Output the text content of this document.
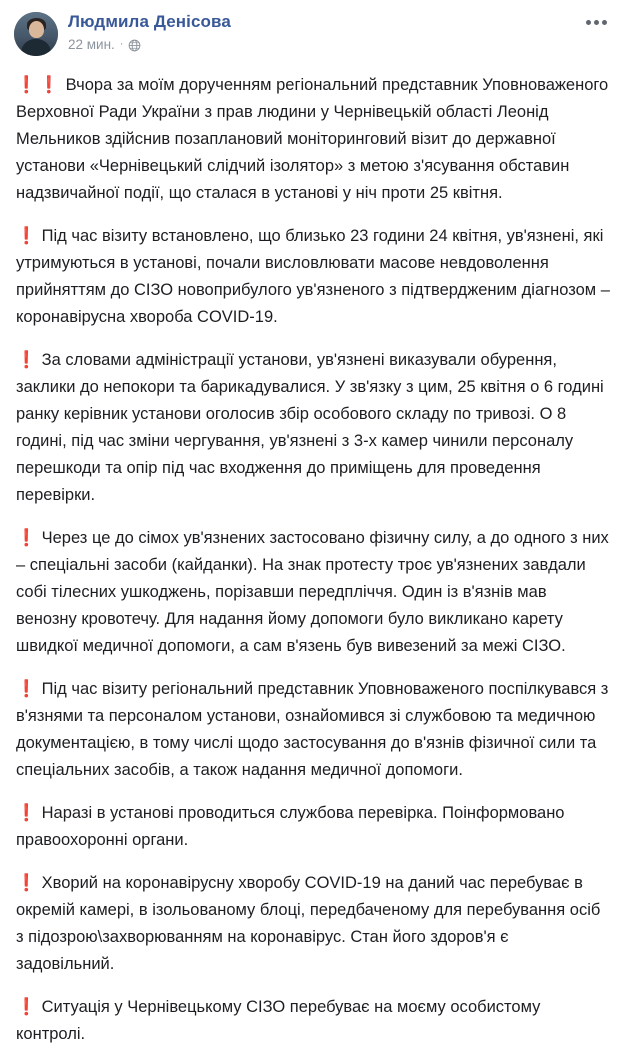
Людмила Денісова
22 мин. ·

❗❗ Вчора за моїм дорученням регіональний представник Уповноваженого Верховної Ради України з прав людини у Чернівецькій області Леонід Мельников здійснив позаплановий моніторинговий візит до державної установи «Чернівецький слідчий ізолятор» з метою з'ясування обставин надзвичайної події, що сталася в установі у ніч проти 25 квітня.

❗ Під час візиту встановлено, що близько 23 години 24 квітня, ув'язнені, які утримуються в установі, почали висловлювати масове невдоволення прийняттям до СІЗО новоприбулого ув'язненого з підтвердженим діагнозом – коронавірусна хвороба COVID-19.

❗ За словами адміністрації установи, ув'язнені виказували обурення, заклики до непокори та барикадувалися. У зв'язку з цим, 25 квітня о 6 годині ранку керівник установи оголосив збір особового складу по тривозі. О 8 годині, під час зміни чергування, ув'язнені з 3-х камер чинили персоналу перешкоди та опір під час входження до приміщень для проведення перевірки.

❗ Через це до сімох ув'язнених застосовано фізичну силу, а до одного з них – спеціальні засоби (кайданки). На знак протесту троє ув'язнених завдали собі тілесних ушкоджень, порізавши передпліччя. Один із в'язнів мав венозну кровотечу. Для надання йому допомоги було викликано карету швидкої медичної допомоги, а сам в'язень був вивезений за межі СІЗО.

❗ Під час візиту регіональний представник Уповноваженого поспілкувався з в'язнями та персоналом установи, ознайомився зі службовою та медичною документацією, в тому числі щодо застосування до в'язнів фізичної сили та спеціальних засобів, а також надання медичної допомоги.

❗ Наразі в установі проводиться службова перевірка. Поінформовано правоохоронні органи.

❗ Хворий на коронавірусну хворобу COVID-19 на даний час перебуває в окремій камері, в ізольованому блоці, передбаченому для перебування осіб з підозрою\захворюванням на коронавірус. Стан його здоров'я є задовільний.

❗ Ситуація у Чернівецькому СІЗО перебуває на моєму особистому контролі.
